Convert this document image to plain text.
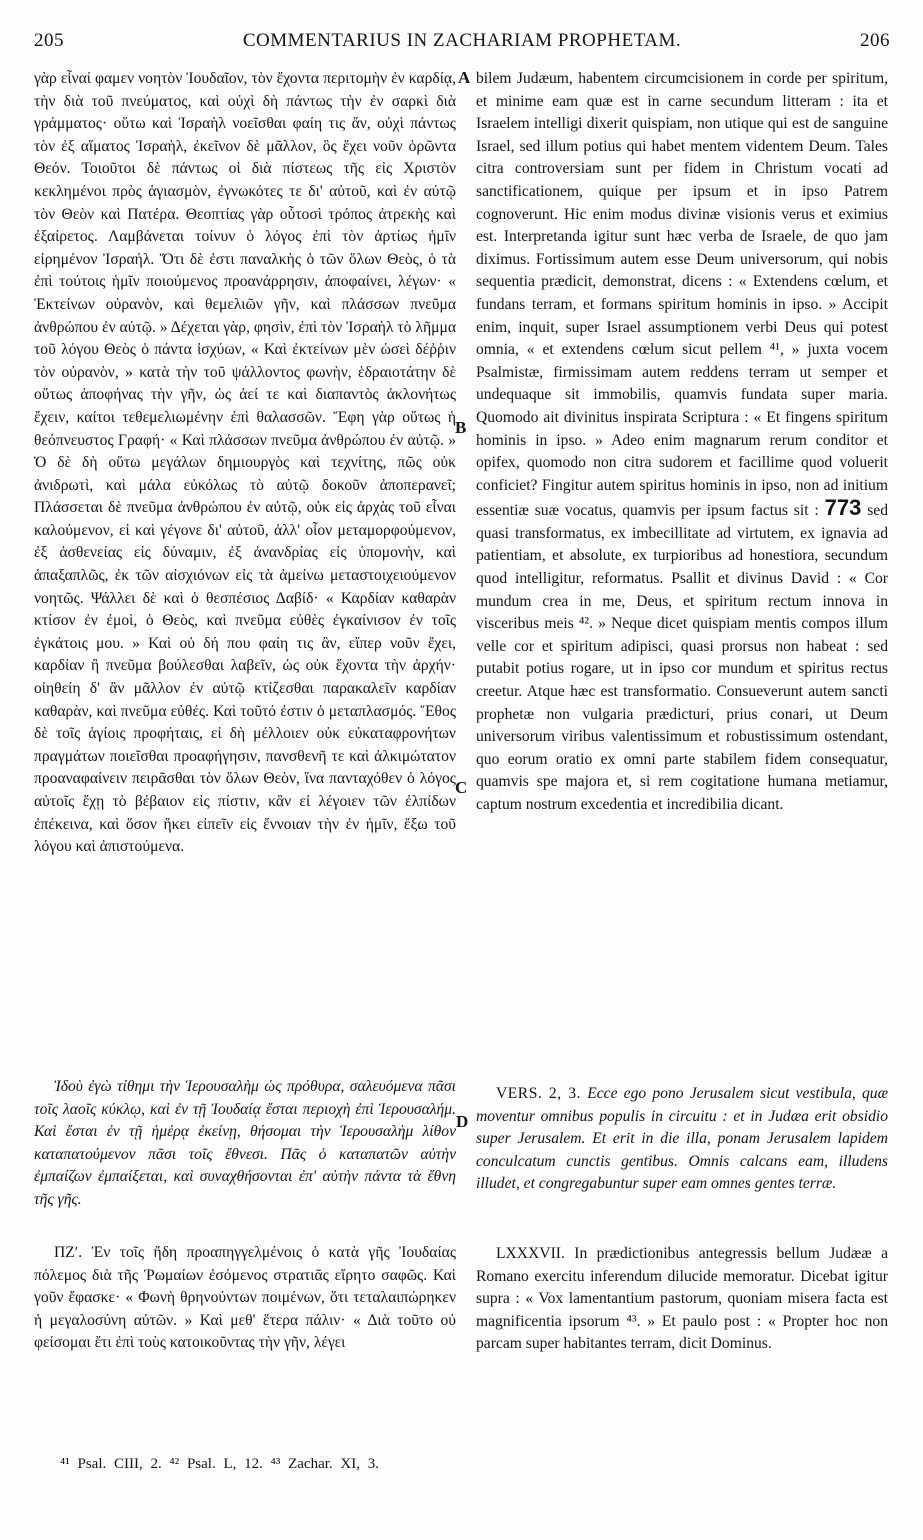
205	COMMENTARIUS IN ZACHARIAM PROPHETAM.	206
A
B
C
D

γὰρ εἶναί φαμεν νοητὸν Ἰουδαῖον, τὸν ἔχοντα περιτομὴν ἐν καρδίᾳ, τὴν διὰ τοῦ πνεύματος, καὶ οὐχὶ δὴ πάντως τὴν ἐν σαρκὶ διὰ γράμματος· οὕτω καὶ Ἰσραὴλ νοεῖσθαι φαίη τις ἄν, οὐχὶ πάντως τὸν ἐξ αἵματος Ἰσραὴλ, ἐκεῖνον δὲ μᾶλλον, ὃς ἔχει νοῦν ὁρῶντα Θεόν. Τοιοῦτοι δὲ πάντως οἱ διὰ πίστεως τῆς εἰς Χριστὸν κεκλημένοι πρὸς ἁγιασμὸν, ἐγνωκότες τε δι' αὐτοῦ, καὶ ἐν αὐτῷ τὸν Θεὸν καὶ Πατέρα. Θεοπτίας γὰρ οὗτοσὶ τρόπος ἀτρεκὴς καὶ ἐξαίρετος. Λαμβάνεται τοίνυν ὁ λόγος ἐπὶ τὸν ἀρτίως ἡμῖν εἰρημένον Ἰσραήλ. Ὅτι δὲ ἐστι παναλκὴς ὁ τῶν ὅλων Θεὸς, ὁ τὰ ἐπὶ τούτοις ἡμῖν ποιούμενος προανάρρησιν, ἀποφαίνει, λέγων· « Ἐκτείνων οὐρανὸν, καὶ θεμελιῶν γῆν, καὶ πλάσσων πνεῦμα ἀνθρώπου ἐν αὐτῷ. » Δέχεται γὰρ, φησὶν, ἐπὶ τὸν Ἰσραὴλ τὸ λῆμμα τοῦ λόγου Θεὸς ὁ πάντα ἰσχύων, « Καὶ ἐκτείνων μὲν ὡσεὶ δέῤῥιν τὸν οὐρανὸν, » κατὰ τὴν τοῦ ψάλλοντος φωνὴν, ἑδραιοτάτην δὲ οὕτως ἀποφήνας τὴν γῆν, ὡς ἀεί τε καὶ διαπαντὸς ἀκλονήτως ἔχειν, καίτοι τεθεμελιωμένην ἐπὶ θαλασσῶν. Ἔφη γὰρ οὕτως ἡ θεόπνευστος Γραφή· « Καὶ πλάσσων πνεῦμα ἀνθρώπου ἐν αὐτῷ. » Ὁ δὲ δὴ οὕτω μεγάλων δημιουργὸς καὶ τεχνίτης, πῶς οὐκ ἀνιδρωτὶ, καὶ μάλα εὐκόλως τὸ αὐτῷ δοκοῦν ἀποπερανεῖ; Πλάσσεται δὲ πνεῦμα ἀνθρώπου ἐν αὐτῷ, οὐκ εἰς ἀρχὰς τοῦ εἶναι καλούμενον, εἰ καὶ γέγονε δι' αὐτοῦ, ἀλλ' οἷον μεταμορφούμενον, ἐξ ἀσθενείας εἰς δύναμιν, ἐξ ἀνανδρίας εἰς ὑπομονὴν, καὶ ἁπαξαπλῶς, ἐκ τῶν αἰσχιόνων εἰς τὰ ἀμείνω μεταστοιχειούμενον νοητῶς. Ψάλλει δὲ καὶ ὁ θεσπέσιος Δαβίδ· « Καρδίαν καθαρὰν κτίσον ἐν ἐμοὶ, ὁ Θεὸς, καὶ πνεῦμα εὐθὲς ἐγκαίνισον ἐν τοῖς ἐγκάτοις μου. » Καὶ οὐ δή που φαίη τις ἂν, εἴπερ νοῦν ἔχει, καρδίαν ἢ πνεῦμα βούλεσθαι λαβεῖν, ὡς οὐκ ἔχοντα τὴν ἀρχήν· οἰηθείη δ' ἂν μᾶλλον ἐν αὐτῷ κτίζεσθαι παρακαλεῖν καρδίαν καθαρὰν, καὶ πνεῦμα εὐθές. Καὶ τοῦτό ἐστιν ὁ μεταπλασμός. Ἔθος δὲ τοῖς ἁγίοις προφήταις, εἰ δὴ μέλλοιεν οὐκ εὐκαταφρονήτων πραγμάτων ποιεῖσθαι προαφήγησιν, πανσθενῆ τε καὶ ἀλκιμώτατον προαναφαίνειν πειρᾶσθαι τὸν ὅλων Θεὸν, ἵνα πανταχόθεν ὁ λόγος αὐτοῖς ἔχῃ τὸ βέβαιον εἰς πίστιν, κἂν εἰ λέγοιεν τῶν ἐλπίδων ἐπέκεινα, καὶ ὅσον ἥκει εἰπεῖν εἰς ἔννοιαν τὴν ἐν ἡμῖν, ἔξω τοῦ λόγου καὶ ἀπιστούμενα.

Ἰδοὺ ἐγὼ τίθημι τὴν Ἱερουσαλὴμ ὡς πρόθυρα, σαλευόμενα πᾶσι τοῖς λαοῖς κύκλῳ, καὶ ἐν τῇ Ἰουδαίᾳ ἔσται περιοχὴ ἐπὶ Ἱερουσαλήμ. Καὶ ἔσται ἐν τῇ ἡμέρᾳ ἐκείνῃ, θήσομαι τὴν Ἱερουσαλὴμ λίθον καταπατούμενον πᾶσι τοῖς ἔθνεσι. Πᾶς ὁ καταπατῶν αὐτὴν ἐμπαίζων ἐμπαίξεται, καὶ συναχθήσονται ἐπ' αὐτὴν πάντα τὰ ἔθνη τῆς γῆς.

ΠΖʹ. Ἐν τοῖς ἤδη προαπηγγελμένοις ὁ κατὰ γῆς Ἰουδαίας πόλεμος διὰ τῆς Ῥωμαίων ἐσόμενος στρατιᾶς εἴρητο σαφῶς. Καὶ γοῦν ἔφασκε· « Φωνὴ θρηνούντων ποιμένων, ὅτι τεταλαιπώρηκεν ἡ μεγαλοσύνη αὐτῶν. » Καὶ μεθ' ἕτερα πάλιν· « Διὰ τοῦτο οὐ φείσομαι ἔτι ἐπὶ τοὺς κατοικοῦντας τὴν γῆν, λέγει

bilem Judæum, habentem circumcisionem in corde per spiritum, et minime eam quæ est in carne secundum litteram : ita et Israelem intelligi dixerit quispiam, non utique qui est de sanguine Israel, sed illum potius qui habet mentem videntem Deum. Tales citra controversiam sunt per fidem in Christum vocati ad sanctificationem, quique per ipsum et in ipso Patrem cognoverunt. Hic enim modus divinæ visionis verus et eximius est. Interpretanda igitur sunt hæc verba de Israele, de quo jam diximus. Fortissimum autem esse Deum universorum, qui nobis sequentia prædicit, demonstrat, dicens : « Extendens cœlum, et fundans terram, et formans spiritum hominis in ipso. » Accipit enim, inquit, super Israel assumptionem verbi Deus qui potest omnia, « et extendens cœlum sicut pellem ⁴¹, » juxta vocem Psalmistæ, firmissimam autem reddens terram ut semper et undequaque sit immobilis, quamvis fundata super maria. Quomodo ait divinitus inspirata Scriptura : « Et fingens spiritum hominis in ipso. » Adeo enim magnarum rerum conditor et opifex, quomodo non citra sudorem et facillime quod voluerit conficiet? Fingitur autem spiritus hominis in ipso, non ad initium essentiæ suæ vocatus, quamvis per ipsum factus sit : 773 sed quasi transformatus, ex imbecillitate ad virtutem, ex ignavia ad patientiam, et absolute, ex turpioribus ad honestiora, secundum quod intelligitur, reformatus. Psallit et divinus David : « Cor mundum crea in me, Deus, et spiritum rectum innova in visceribus meis ⁴². » Neque dicet quispiam mentis compos illum velle cor et spiritum adipisci, quasi prorsus non habeat : sed putabit potius rogare, ut in ipso cor mundum et spiritus rectus creetur. Atque hæc est transformatio. Consueverunt autem sancti prophetæ non vulgaria prædicturi, prius conari, ut Deum universorum viribus valentissimum et robustissimum ostendant, quo eorum oratio ex omni parte stabilem fidem consequatur, quamvis spe majora et, si rem cogitatione humana metiamur, captum nostrum excedentia et incredibilia dicant.

VERS. 2, 3. Ecce ego pono Jerusalem sicut vestibula, quæ moventur omnibus populis in circuitu : et in Judæa erit obsidio super Jerusalem. Et erit in die illa, ponam Jerusalem lapidem conculcatum cunctis gentibus. Omnis calcans eam, illudens illudet, et congregabuntur super eam omnes gentes terræ.

LXXXVII. In prædictionibus antegressis bellum Judææ a Romano exercitu inferendum dilucide memoratur. Dicebat igitur supra : « Vox lamentantium pastorum, quoniam misera facta est magnificentia ipsorum ⁴³. » Et paulo post : « Propter hoc non parcam super habitantes terram, dicit Dominus.

⁴¹ Psal. CIII, 2. ⁴² Psal. L, 12. ⁴³ Zachar. XI, 3.
